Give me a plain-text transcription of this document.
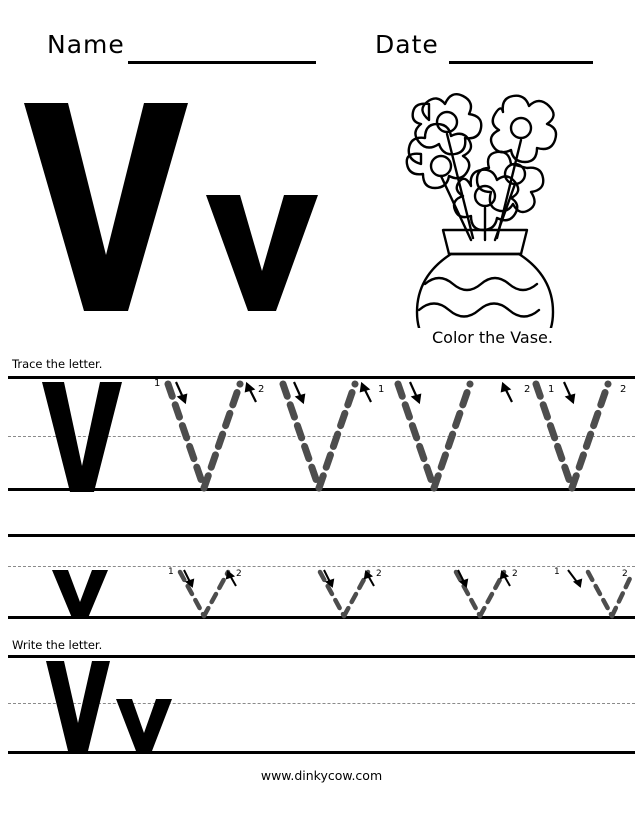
Name	Date
Color the Vase.
Trace the letter.
1
2	1	2 1	2
1	2	2	2	1	2
Write the letter.
www.dinkycow.com
